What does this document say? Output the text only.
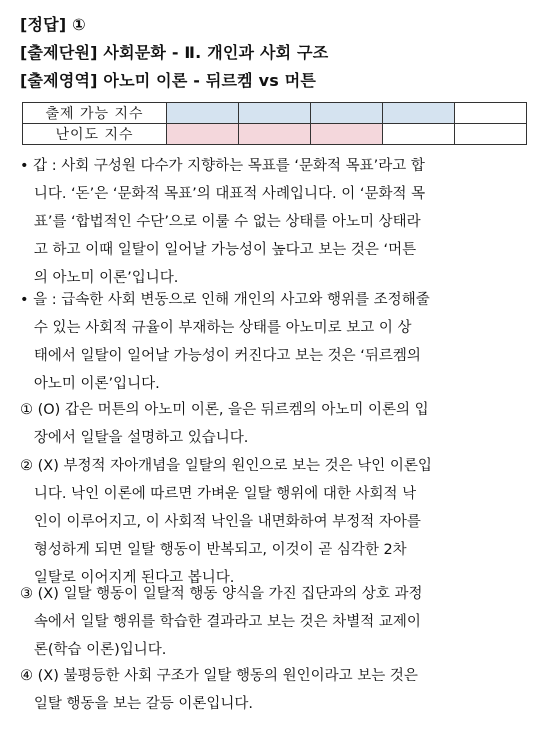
[정답] ①
[출제단원] 사회문화 - Ⅱ. 개인과 사회 구조
[출제영역] 아노미 이론 - 뒤르켐 vs 머튼
출제 가능 지수					
난이도 지수					
• 갑 : 사회 구성원 다수가 지향하는 목표를 ‘문화적 목표’라고 합
니다. ‘돈’은 ‘문화적 목표’의 대표적 사례입니다. 이 ‘문화적 목
표’를 ‘합법적인 수단’으로 이룰 수 없는 상태를 아노미 상태라
고 하고 이때 일탈이 일어날 가능성이 높다고 보는 것은 ‘머튼
의 아노미 이론’입니다.
• 을 : 급속한 사회 변동으로 인해 개인의 사고와 행위를 조정해줄
수 있는 사회적 규율이 부재하는 상태를 아노미로 보고 이 상
태에서 일탈이 일어날 가능성이 커진다고 보는 것은 ‘뒤르켐의
아노미 이론’입니다.
① (O) 갑은 머튼의 아노미 이론, 을은 뒤르켐의 아노미 이론의 입
장에서 일탈을 설명하고 있습니다.
② (X) 부정적 자아개념을 일탈의 원인으로 보는 것은 낙인 이론입
니다. 낙인 이론에 따르면 가벼운 일탈 행위에 대한 사회적 낙
인이 이루어지고, 이 사회적 낙인을 내면화하여 부정적 자아를
형성하게 되면 일탈 행동이 반복되고, 이것이 곧 심각한 2차
일탈로 이어지게 된다고 봅니다.
③ (X) 일탈 행동이 일탈적 행동 양식을 가진 집단과의 상호 과정
속에서 일탈 행위를 학습한 결과라고 보는 것은 차별적 교제이
론(학습 이론)입니다.
④ (X) 불평등한 사회 구조가 일탈 행동의 원인이라고 보는 것은
일탈 행동을 보는 갈등 이론입니다.
